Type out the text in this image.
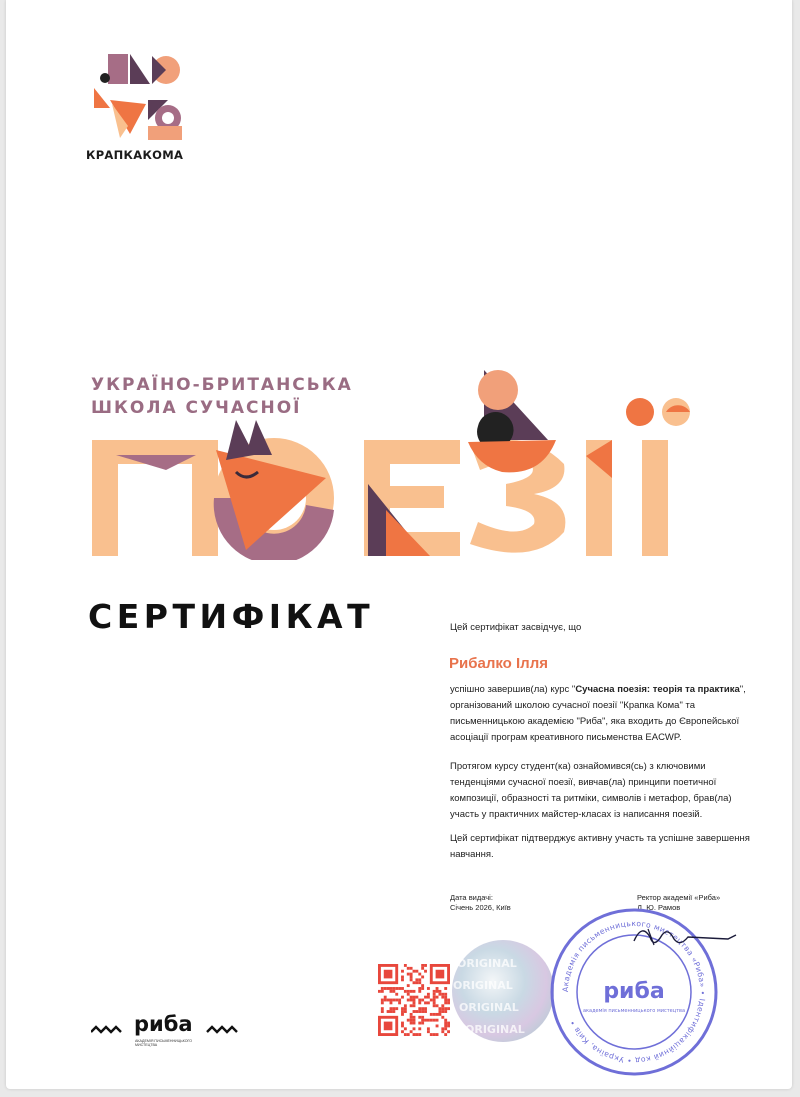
КРАПКАКОМА
УКРАЇНО-БРИТАНСЬКА
ШКОЛА СУЧАСНОЇ
СЕРТИФІКАТ	Цей сертифікат засвідчує, що
Рибалко Ілля
успішно завершив(ла) курс "Сучасна поезія: теорія та практика", організований школою сучасної поезії "Крапка Кома" та письменницькою академією "Риба", яка входить до Європейської асоціації програм креативного письменства EACWP.
Протягом курсу студент(ка) ознайомився(сь) з ключовими тенденціями сучасної поезії, вивчав(ла) принципи поетичної композиції, образності та ритміки, символів і метафор, брав(ла) участь у практичних майстер-класах із написання поезій.
Цей сертифікат підтверджує активну участь та успішне завершення навчання.
Дата видачі:
Січень 2026, Київ
Ректор академії «Риба»
Д. Ю. Рамов
ORIGINAL
ORIGINAL
ORIGINAL
ORIGINAL
Академія письменницького мистецтва «Риба» • Ідентифікаційний код • Україна, Київ •
риба
академія письменницького мистецтва
риба
АКАДЕМІЯ ПИСЬМЕННИЦЬКОГО МИСТЕЦТВА
